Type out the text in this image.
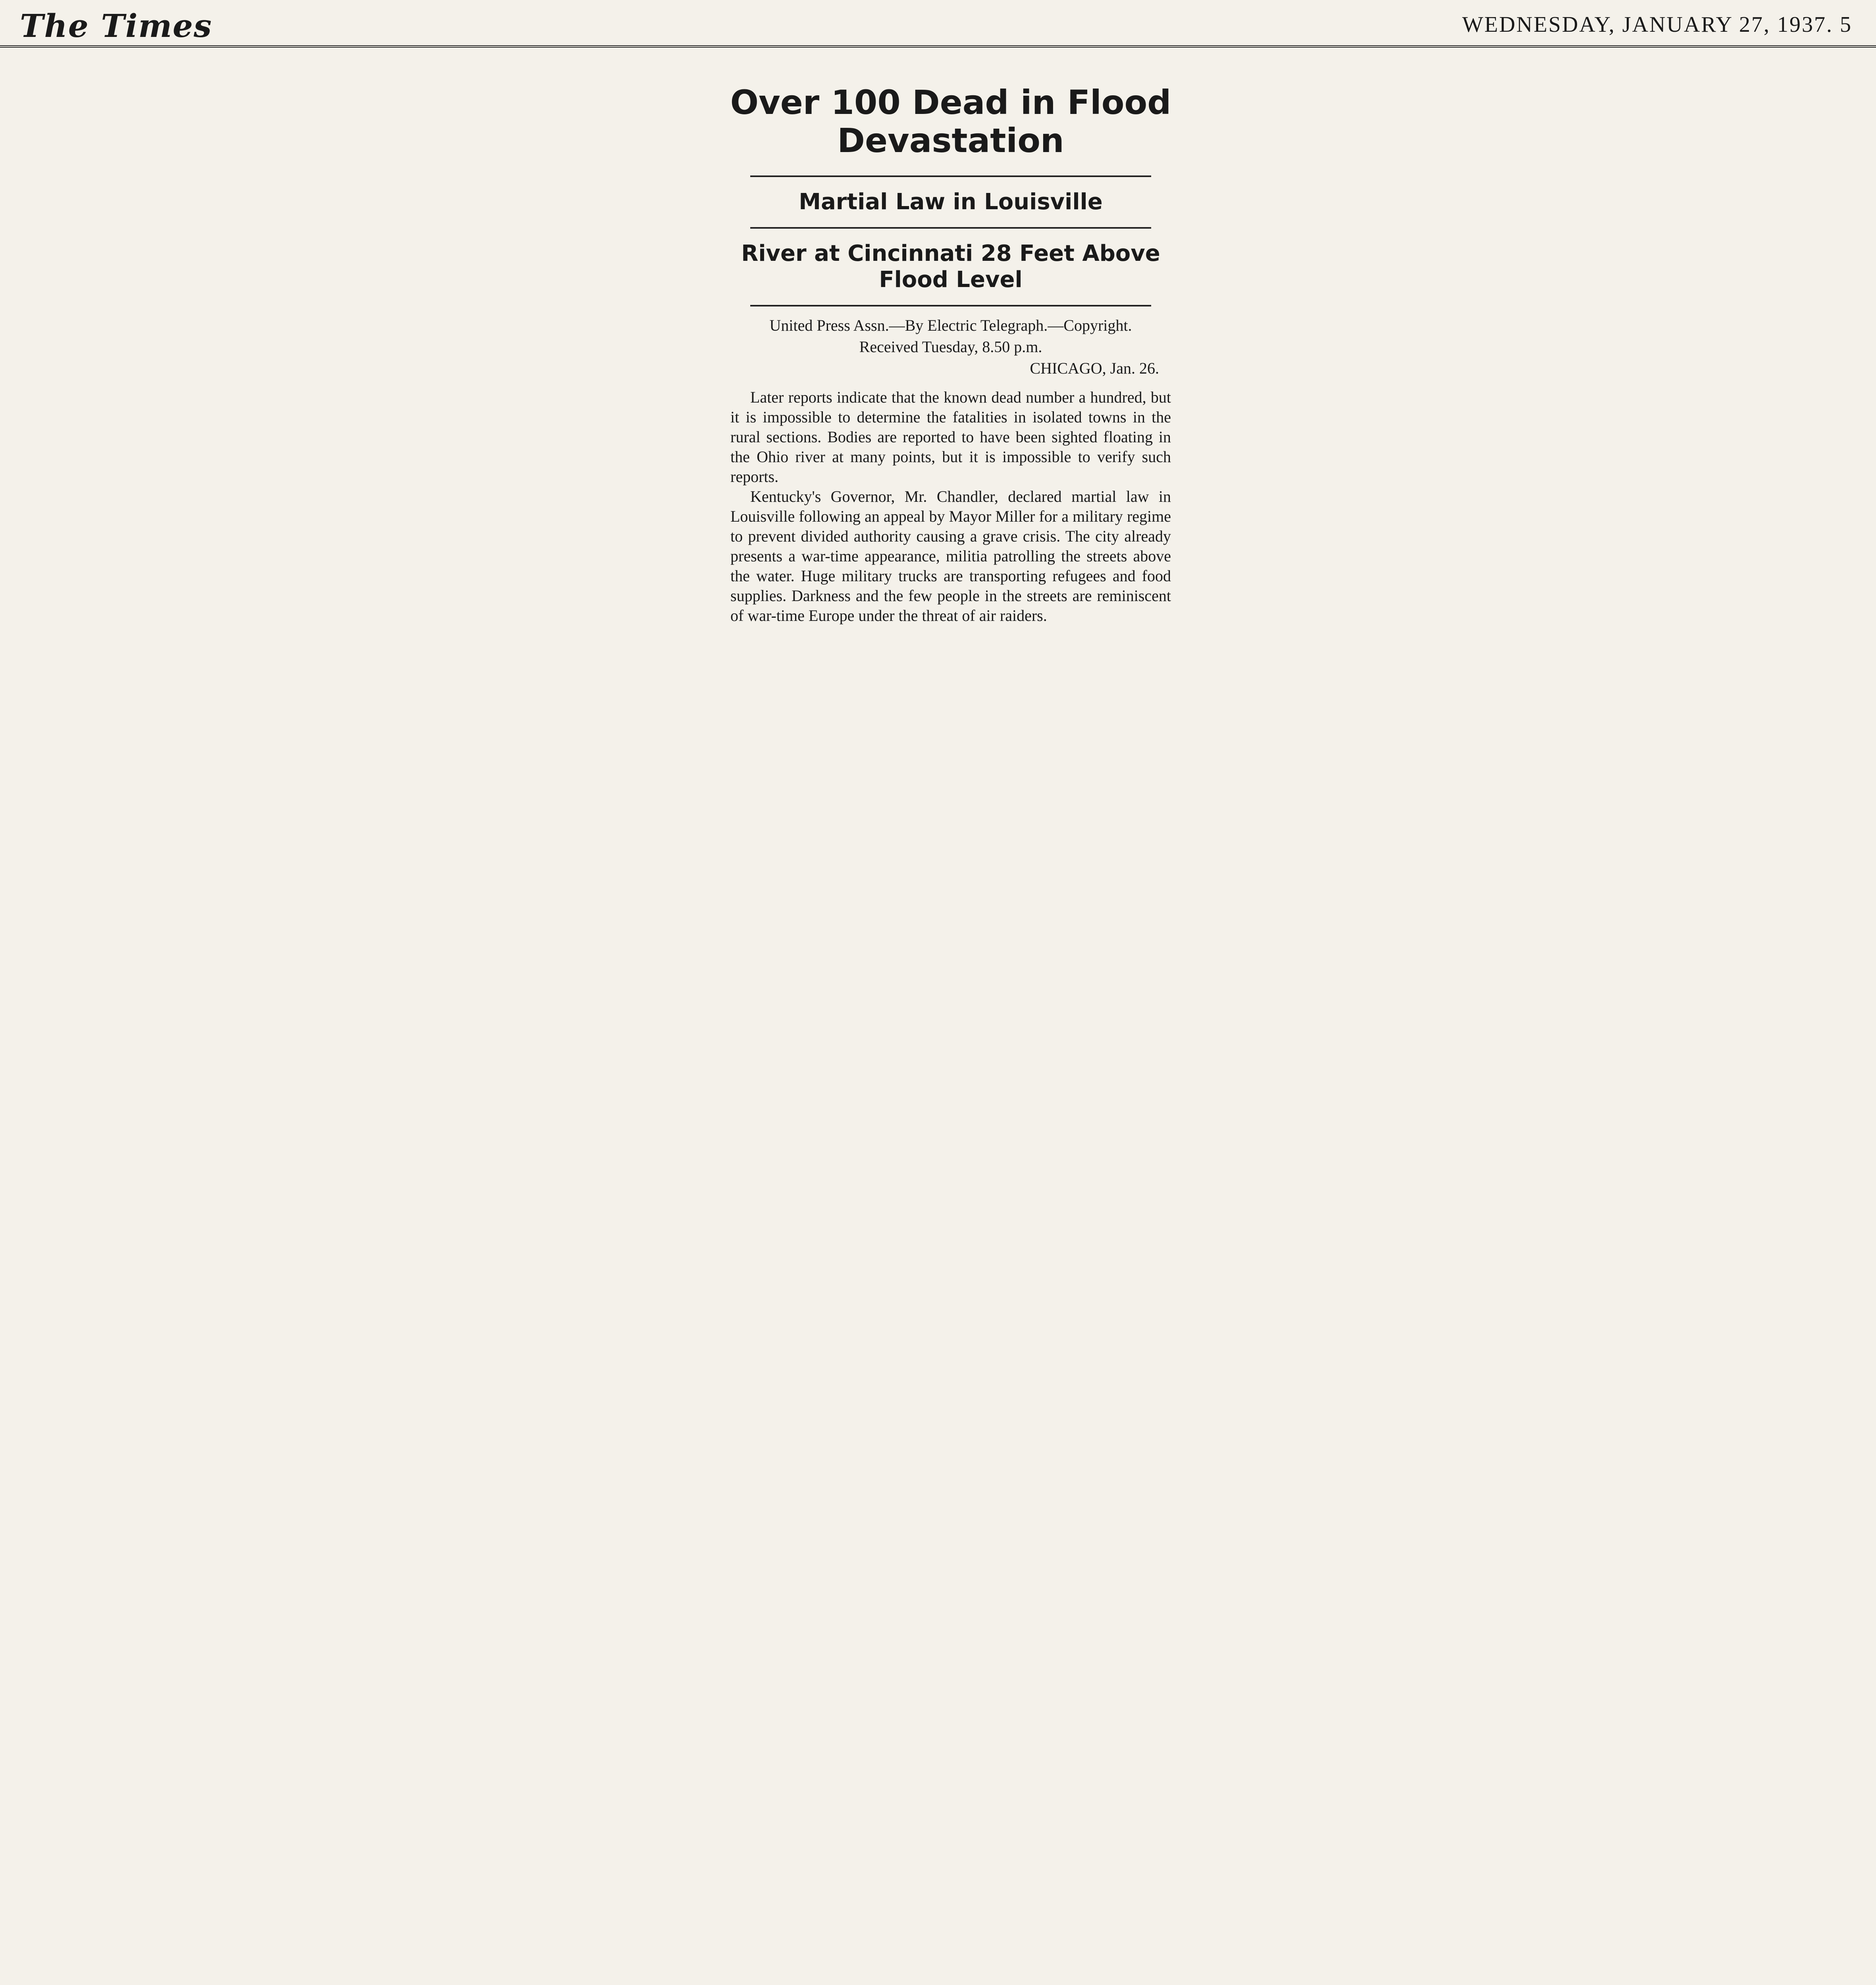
The Times	WEDNESDAY, JANUARY 27, 1937. 5
Over 100 Dead in Flood Devastation
Martial Law in Louisville
River at Cincinnati 28 Feet Above Flood Level
United Press Assn.—By Electric Telegraph.—Copyright.
Received Tuesday, 8.50 p.m.
CHICAGO, Jan. 26.

Later reports indicate that the known dead number a hundred, but it is impossible to determine the fatalities in isolated towns in the rural sections. Bodies are reported to have been sighted floating in the Ohio river at many points, but it is impossible to verify such reports.

Kentucky's Governor, Mr. Chandler, declared martial law in Louisville following an appeal by Mayor Miller for a military regime to prevent divided authority causing a grave crisis. The city already presents a war-time appearance, militia patrolling the streets above the water. Huge military trucks are transporting refugees and food supplies. Darkness and the few people in the streets are reminiscent of war-time Europe under the threat of air raiders.
